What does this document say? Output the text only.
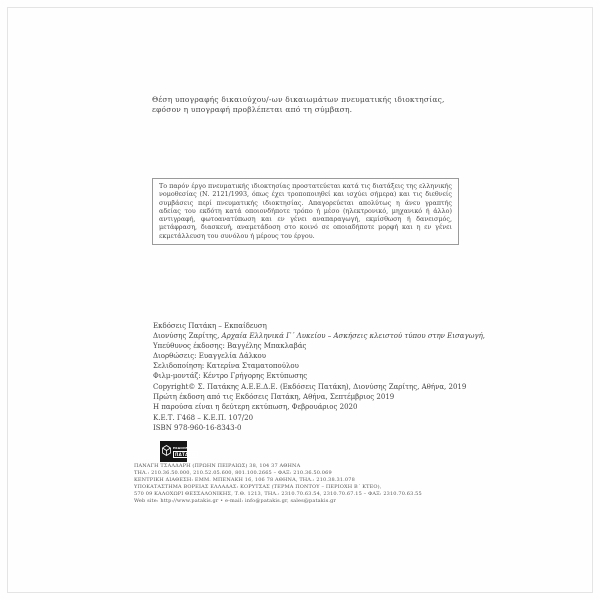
Θέση υπογραφής δικαιούχου/-ων δικαιωμάτων πνευματικής ιδιοκτησίας,
εφόσον η υπογραφή προβλέπεται από τη σύμβαση.
Το παρόν έργο πνευματικής ιδιοκτησίας προστατεύεται κατά τις διατάξεις της ελληνικής νομοθεσίας (Ν. 2121/1993, όπως έχει τροποποιηθεί και ισχύει σήμερα) και τις διεθνείς συμβάσεις περί πνευματικής ιδιοκτησίας. Απαγορεύεται απολύτως η άνευ γραπτής αδείας του εκδότη κατά οποιονδήποτε τρόπο ή μέσο (ηλεκτρονικό, μηχανικό ή άλλο) αντιγραφή, φωτοανατύπωση και εν γένει αναπαραγωγή, εκμίσθωση ή δανεισμός, μετάφραση, διασκευή, αναμετάδοση στο κοινό σε οποιαδήποτε μορφή και η εν γένει εκμετάλλευση του συνόλου ή μέρους του έργου.
Εκδόσεις Πατάκη – Εκπαίδευση
Διονύσης Ζαρίτης, Αρχαία Ελληνικά Γ΄ Λυκείου – Ασκήσεις κλειστού τύπου στην Εισαγωγή,
Υπεύθυνος έκδοσης: Βαγγέλης Μπακλαβάς
Διορθώσεις: Ευαγγελία Δάλκου
Σελιδοποίηση: Κατερίνα Σταματοπούλου
Φιλμ-μοντάζ: Κέντρο Γρήγορης Εκτύπωσης
Copyright© Σ. Πατάκης Α.Ε.Ε.Δ.Ε. (Εκδόσεις Πατάκη), Διονύσης Ζαρίτης, Αθήνα, 2019
Πρώτη έκδοση από τις Εκδόσεις Πατάκη, Αθήνα, Σεπτέμβριος 2019
Η παρούσα είναι η δεύτερη εκτύπωση, Φεβρουάριος 2020
Κ.Ε.Τ. Γ468 – Κ.Ε.Π. 107/20
ISBN 978-960-16-8343-0
ΕΚΔΟΣΕΙΣ
ΠΑΤΑΚΗ
ΠΑΝΑΓΗ ΤΣΑΛΔΑΡΗ (ΠΡΩΗΝ ΠΕΙΡΑΙΩΣ) 38, 104 37 ΑΘΗΝΑ
ΤΗΛ.: 210.36.50.000, 210.52.05.600, 801.100.2665 – ΦΑΞ: 210.36.50.069
ΚΕΝΤΡΙΚΗ ΔΙΑΘΕΣΗ: ΕΜΜ. ΜΠΕΝΑΚΗ 16, 106 78 ΑΘΗΝΑ, ΤΗΛ.: 210.38.31.078
ΥΠΟΚΑΤΑΣΤΗΜΑ ΒΟΡΕΙΑΣ ΕΛΛΑΔΑΣ: ΚΟΡΥΤΣΑΣ (ΤΕΡΜΑ ΠΟΝΤΟΥ – ΠΕΡΙΟΧΗ Β΄ ΚΤΕΟ),
570 09 ΚΑΛΟΧΩΡΙ ΘΕΣΣΑΛΟΝΙΚΗΣ, Τ.Θ. 1213, ΤΗΛ.: 2310.70.63.54, 2310.70.67.15 – ΦΑΞ: 2310.70.63.55
Web site: http://www.patakis.gr • e-mail: info@patakis.gr, sales@patakis.gr
